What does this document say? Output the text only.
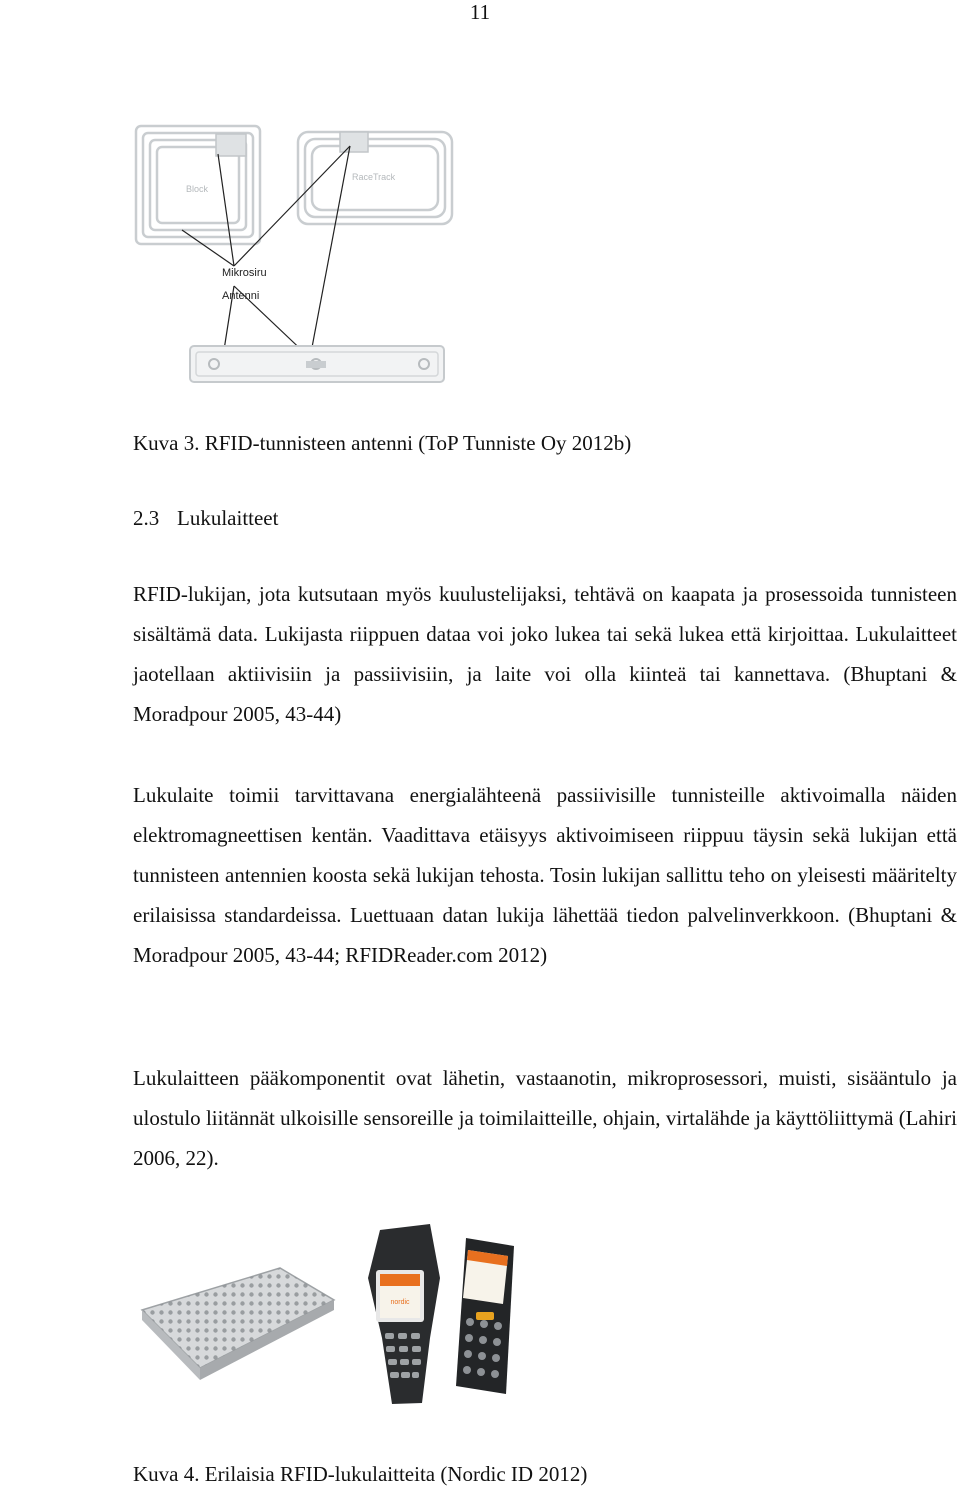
11
Block
RaceTrack
Mikrosiru
Antenni
Kuva 3. RFID-tunnisteen antenni (ToP Tunniste Oy 2012b)
2.3 Lukulaitteet

RFID-lukijan, jota kutsutaan myös kuulustelijaksi, tehtävä on kaapata ja prosessoida tunnisteen sisältämä data. Lukijasta riippuen dataa voi joko lukea tai sekä lukea että kirjoittaa. Lukulaitteet jaotellaan aktiivisiin ja passiivisiin, ja laite voi olla kiinteä tai kannettava. (Bhuptani & Moradpour 2005, 43-44)

Lukulaite toimii tarvittavana energialähteenä passiivisille tunnisteille aktivoimalla näiden elektromagneettisen kentän. Vaadittava etäisyys aktivoimiseen riippuu täysin sekä lukijan että tunnisteen antennien koosta sekä lukijan tehosta. Tosin lukijan sallittu teho on yleisesti määritelty erilaisissa standardeissa. Luettuaan datan lukija lähettää tiedon palvelinverkkoon. (Bhuptani & Moradpour 2005, 43-44; RFIDReader.com 2012)

Lukulaitteen pääkomponentit ovat lähetin, vastaanotin, mikroprosessori, muisti, sisääntulo ja ulostulo liitännät ulkoisille sensoreille ja toimilaitteille, ohjain, virtalähde ja käyttöliittymä (Lahiri 2006, 22).

nordic
Kuva 4. Erilaisia RFID-lukulaitteita (Nordic ID 2012)
